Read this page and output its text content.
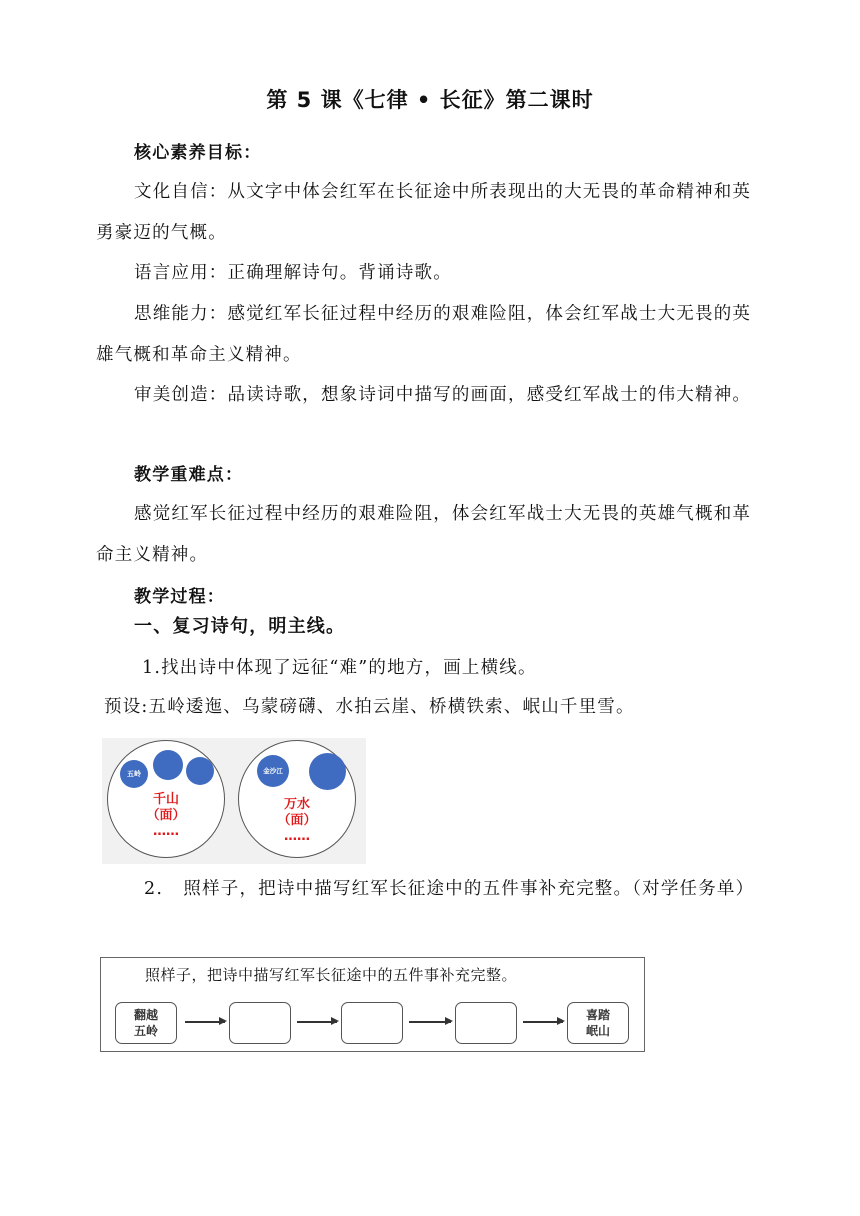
第 5 课《七律 • 长征》第二课时

核心素养目标：

文化自信：从文字中体会红军在长征途中所表现出的大无畏的革命精神和英勇豪迈的气概。

语言应用：正确理解诗句。背诵诗歌。

思维能力：感觉红军长征过程中经历的艰难险阻，体会红军战士大无畏的英雄气概和革命主义精神。

审美创造：品读诗歌，想象诗词中描写的画面，感受红军战士的伟大精神。

教学重难点：

感觉红军长征过程中经历的艰难险阻，体会红军战士大无畏的英雄气概和革命主义精神。

教学过程：

一、复习诗句，明主线。

1.找出诗中体现了远征“难”的地方，画上横线。

预设:五岭逶迤、乌蒙磅礴、水拍云崖、桥横铁索、岷山千里雪。

五岭
千山
（面）
……
金沙江
万水
（面）
……

2.   照样子，把诗中描写红军长征途中的五件事补充完整。（对学任务单）

照样子，把诗中描写红军长征途中的五件事补充完整。
翻越五岭
喜踏岷山
